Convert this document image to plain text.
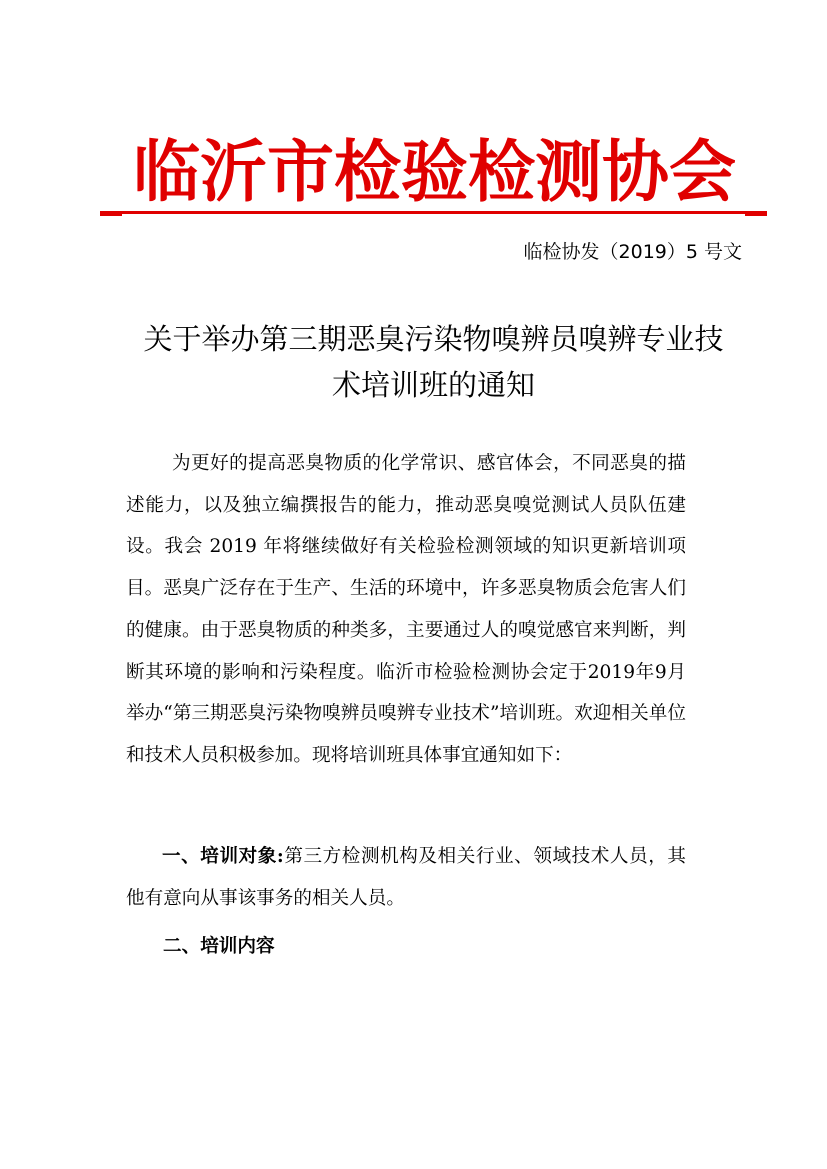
临沂市检验检测协会

临检协发（2019）5 号文

关于举办第三期恶臭污染物嗅辨员嗅辨专业技
术培训班的通知

为更好的提高恶臭物质的化学常识、感官体会，不同恶臭的描述能力，以及独立编撰报告的能力，推动恶臭嗅觉测试人员队伍建设。我会 2019 年将继续做好有关检验检测领域的知识更新培训项目。恶臭广泛存在于生产、生活的环境中，许多恶臭物质会危害人们的健康。由于恶臭物质的种类多，主要通过人的嗅觉感官来判断，判断其环境的影响和污染程度。临沂市检验检测协会定于2019年9月举办“第三期恶臭污染物嗅辨员嗅辨专业技术”培训班。欢迎相关单位和技术人员积极参加。现将培训班具体事宜通知如下：

一、培训对象:第三方检测机构及相关行业、领域技术人员，其他有意向从事该事务的相关人员。

二、培训内容
